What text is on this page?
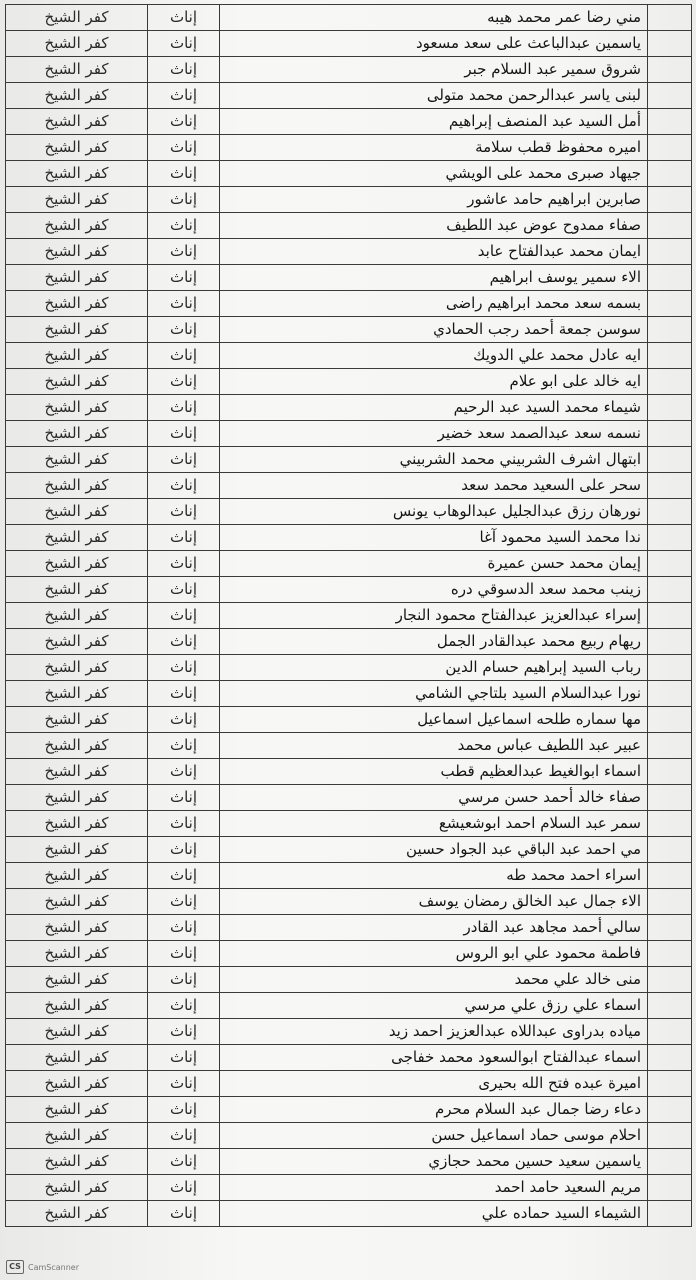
	مني رضا عمر محمد هيبه	إناث	كفر الشيخ
	ياسمين عبدالباعث على سعد مسعود	إناث	كفر الشيخ
	شروق سمير عبد السلام جبر	إناث	كفر الشيخ
	لبنى ياسر عبدالرحمن محمد متولى	إناث	كفر الشيخ
	أمل السيد عبد المنصف إبراهيم	إناث	كفر الشيخ
	اميره محفوظ قطب سلامة	إناث	كفر الشيخ
	جيهاد صبرى محمد على الويشي	إناث	كفر الشيخ
	صابرين ابراهيم حامد عاشور	إناث	كفر الشيخ
	صفاء ممدوح عوض عبد اللطيف	إناث	كفر الشيخ
	ايمان محمد عبدالفتاح عابد	إناث	كفر الشيخ
	الاء سمير يوسف ابراهيم	إناث	كفر الشيخ
	بسمه سعد محمد ابراهيم راضى	إناث	كفر الشيخ
	سوسن جمعة أحمد رجب الحمادي	إناث	كفر الشيخ
	ايه عادل محمد علي الدويك	إناث	كفر الشيخ
	ايه خالد على ابو علام	إناث	كفر الشيخ
	شيماء محمد السيد عبد الرحيم	إناث	كفر الشيخ
	نسمه سعد عبدالصمد سعد خضير	إناث	كفر الشيخ
	ابتهال اشرف الشربيني محمد الشربيني	إناث	كفر الشيخ
	سحر على السعيد محمد سعد	إناث	كفر الشيخ
	نورهان رزق عبدالجليل عبدالوهاب يونس	إناث	كفر الشيخ
	ندا محمد السيد محمود آغا	إناث	كفر الشيخ
	إيمان محمد حسن عميرة	إناث	كفر الشيخ
	زينب محمد سعد الدسوقي دره	إناث	كفر الشيخ
	إسراء عبدالعزيز عبدالفتاح محمود النجار	إناث	كفر الشيخ
	ريهام ربيع محمد عبدالقادر الجمل	إناث	كفر الشيخ
	رباب السيد إبراهيم حسام الدين	إناث	كفر الشيخ
	نورا عبدالسلام السيد بلتاجي الشامي	إناث	كفر الشيخ
	مها سماره طلحه اسماعيل اسماعيل	إناث	كفر الشيخ
	عبير عبد اللطيف عباس محمد	إناث	كفر الشيخ
	اسماء ابوالغيط عبدالعظيم قطب	إناث	كفر الشيخ
	صفاء خالد أحمد حسن مرسي	إناث	كفر الشيخ
	سمر عبد السلام احمد ابوشعيشع	إناث	كفر الشيخ
	مي احمد عبد الباقي عبد الجواد حسين	إناث	كفر الشيخ
	اسراء احمد محمد طه	إناث	كفر الشيخ
	الاء جمال عبد الخالق رمضان يوسف	إناث	كفر الشيخ
	سالي أحمد مجاهد عبد القادر	إناث	كفر الشيخ
	فاطمة محمود علي ابو الروس	إناث	كفر الشيخ
	منى خالد علي محمد	إناث	كفر الشيخ
	اسماء علي رزق علي مرسي	إناث	كفر الشيخ
	مياده بدراوى عبداللاه عبدالعزيز احمد زيد	إناث	كفر الشيخ
	اسماء عبدالفتاح ابوالسعود محمد خفاجى	إناث	كفر الشيخ
	اميرة عبده فتح الله بحيرى	إناث	كفر الشيخ
	دعاء رضا جمال عبد السلام محرم	إناث	كفر الشيخ
	احلام موسى حماد اسماعيل حسن	إناث	كفر الشيخ
	ياسمين سعيد حسين محمد حجازي	إناث	كفر الشيخ
	مريم السعيد حامد احمد	إناث	كفر الشيخ
	الشيماء السيد حماده علي	إناث	كفر الشيخ
CS CamScanner
